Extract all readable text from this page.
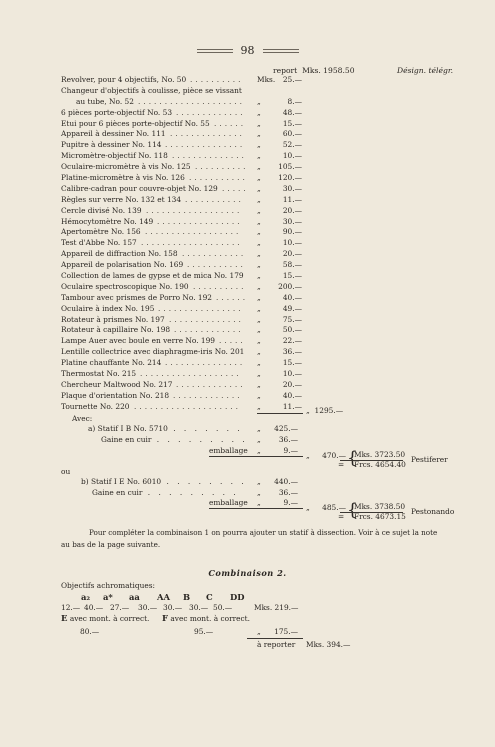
98
report Mks. 1958.50	Désign. télégr.
Revolver, pour 4 objectifs, No. 50 .......... Mks.	25.—
Changeur d'objectifs à coulisse, pièce se vissant
au tube, No. 52 .................... „	8.—
6 pièces porte-objectif No. 53 ............. „	48.—
Etui pour 6 pièces porte-objectif No. 55 ...... „	15.—
Appareil à dessiner No. 111 .............. „	60.—
Pupitre à dessiner No. 114 ............... „	52.—
Micromètre-objectif No. 118 .............. „	10.—
Oculaire-micromètre à vis No. 125 .......... „	105.—
Platine-micromètre à vis No. 126 ........... „	120.—
Calibre-cadran pour couvre-objet No. 129 ..... „	30.—
Règles sur verre No. 132 et 134 ........... „	11.—
Cercle divisé No. 139 .................. „	20.—
Hémocytomètre No. 149 ................ „	30.—
Apertomètre No. 156 .................. „	90.—
Test d'Abbe No. 157 ................... „	10.—
Appareil de diffraction No. 158 ............ „	20.—
Appareil de polarisation No. 169 ........... „	58.—
Collection de lames de gypse et de mica No. 179 „	15.—
Oculaire spectroscopique No. 190 .......... „	200.—
Tambour avec prismes de Porro No. 192 ...... „	40.—
Oculaire à index No. 195 ................ „	49.—
Rotateur à prismes No. 197 .............. „	75.—
Rotateur à capillaire No. 198 ............. „	50.—
Lampe Auer avec boule en verre No. 199 ..... „	22.—
Lentille collectrice avec diaphragme-iris No. 201 „	36.—
Platine chauffante No. 214 ............... „	15.—
Thermostat No. 215 ................... „	10.—
Chercheur Maltwood No. 217 ............. „	20.—
Plaque d'orientation No. 218 ............. „	40.—
Tournette No. 220 .................... „	11.— „ 1295.—
Avec:
a) Statif I B No. 5710 . . . . . . . „	425.—
Gaine en cuir . . . . . . . . . „	36.—
emballage „	9.—
„	470.— {
Mks. 3723.50
= Frcs. 4654.40
Pestiferer
ou
b) Statif I E No. 6010 . . . . . . . . „	440.—
Gaine en cuir . . . . . . . . . „	36.—
emballage „	9.—
„	485.— {
Mks. 3738.50
= Frcs. 4673.15
Pestonando
Pour compléter la combinaison 1 on pourra ajouter un statif à dissection. Voir à ce sujet la note
au bas de la page suivante.
Combinaison 2.
Objectifs achromatiques:
a₂ a* aa AA B C DD
12.— 40.— 27.— 30.— 30.— 30.— 50.—	Mks. 219.—
E avec mont. à correct. F avec mont. à correct.
80.—	95.—	„	175.—
à reporter Mks. 394.—
